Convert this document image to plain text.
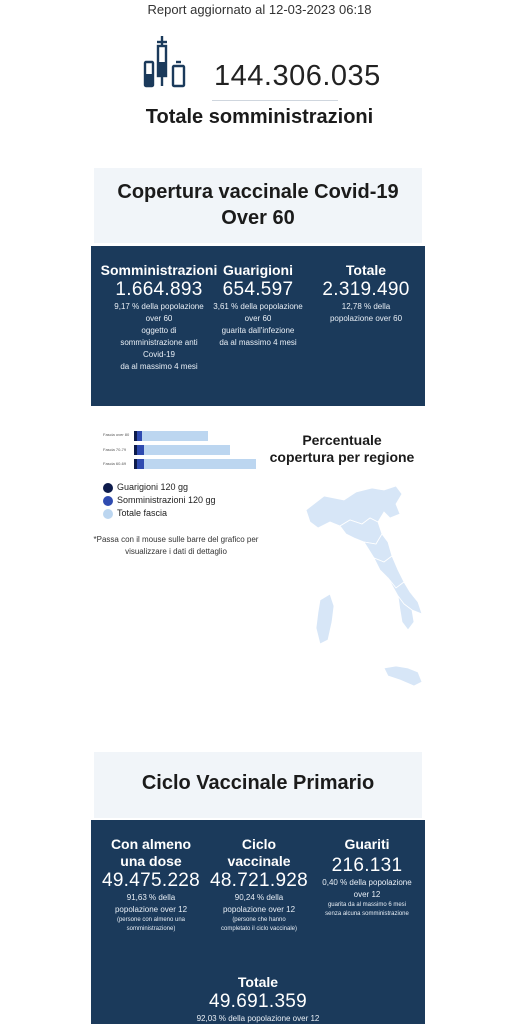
Report aggiornato al 12-03-2023 06:18
144.306.035
Totale somministrazioni
Copertura vaccinale Covid-19
Over 60
Somministrazioni
1.664.893
9,17 % della popolazione
over 60
oggetto di
somministrazione anti
Covid-19
da al massimo 4 mesi
Guarigioni
654.597
3,61 % della popolazione
over 60
guarita dall'infezione
da al massimo 4 mesi
Totale
2.319.490
12,78 % della
popolazione over 60
Fascia over 80
Fascia 70-79
Fascia 60-69
Guarigioni 120 gg
Somministrazioni 120 gg
Totale fascia
*Passa con il mouse sulle barre del grafico per
visualizzare i dati di dettaglio
Percentuale
copertura per regione
Ciclo Vaccinale Primario
Con almeno
una dose
49.475.228
91,63 % della
popolazione over 12
(persone con almeno una
somministrazione)
Ciclo
vaccinale
48.721.928
90,24 % della
popolazione over 12
(persone che hanno
completato il ciclo vaccinale)
Guariti
216.131
0,40 % della popolazione
over 12
guarita da al massimo 6 mesi
senza alcuna somministrazione
Totale
49.691.359
92,03 % della popolazione over 12
